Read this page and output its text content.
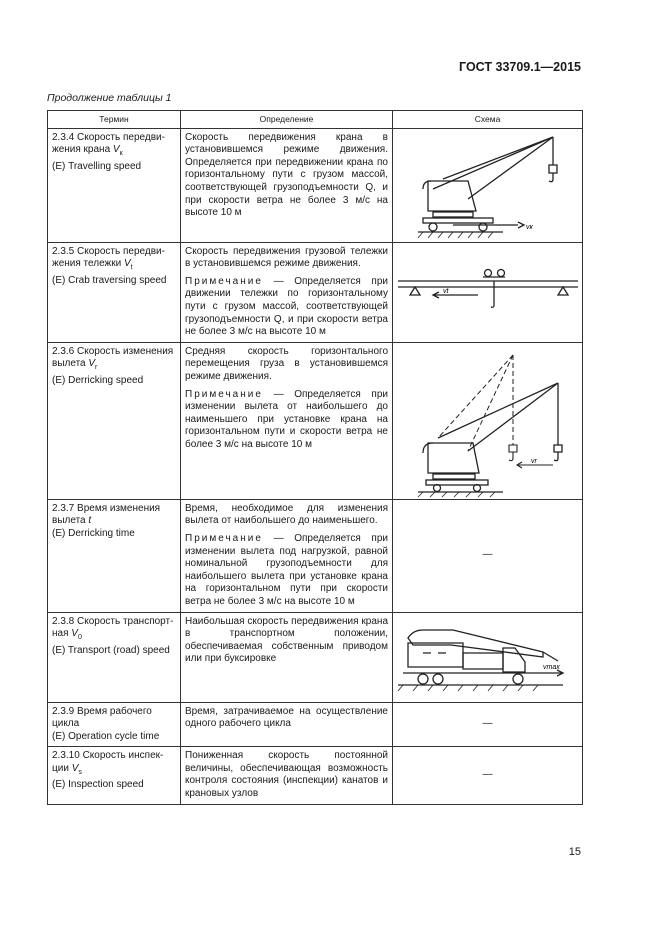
ГОСТ 33709.1—2015
Продолжение таблицы 1
Термин	Определение	Схема
2.3.4 Скорость передви-жения крана $V_к$
(E) Travelling speed	Скорость передвижения крана в установившемся режиме движения. Определяется при передвижении крана по горизонтальному пути с грузом массой, соответствующей грузоподъемности Q, и при скорости ветра не более 3 м/с на высоте 10 м	vк

2.3.5 Скорость передви-жения тележки $V_t$
(E) Crab traversing speed	Скорость передвижения грузовой тележки в установившемся режиме движения.
Примечание — Определяется при движении тележки по горизонтальному пути с грузом массой, соответствующей грузоподъемности Q, и при скорости ветра не более 3 м/с на высоте 10 м	vt

2.3.6 Скорость изменения вылета $V_r$
(E) Derricking speed	Средняя скорость горизонтального перемещения груза в установившемся режиме движения.
Примечание — Определяется при изменении вылета от наибольшего до наименьшего при установке крана на горизонтальном пути и скорости ветра не более 3 м/с на высоте 10 м	vr

2.3.7 Время изменения вылета t
(E) Derricking time	Время, необходимое для изменения вылета от наибольшего до наименьшего.
Примечание — Определяется при изменении вылета под нагрузкой, равной номинальной грузоподъемности для наибольшего вылета при установке крана на горизонтальном пути при скорости ветра не более 3 м/с на высоте 10 м	—
2.3.8 Скорость транспорт-ная $V_0$
(E) Transport (road) speed	Наибольшая скорость передвижения крана в транспортном положении, обеспечиваемая собственным приводом или при буксировке	vmax

2.3.9 Время рабочего цикла
(E) Operation cycle time	Время, затрачиваемое на осуществление одного рабочего цикла	—
2.3.10 Скорость инспек-ции $V_s$
(E) Inspection speed	Пониженная скорость постоянной величины, обеспечивающая возможность контроля состояния (инспекции) канатов и крановых узлов	—
15
